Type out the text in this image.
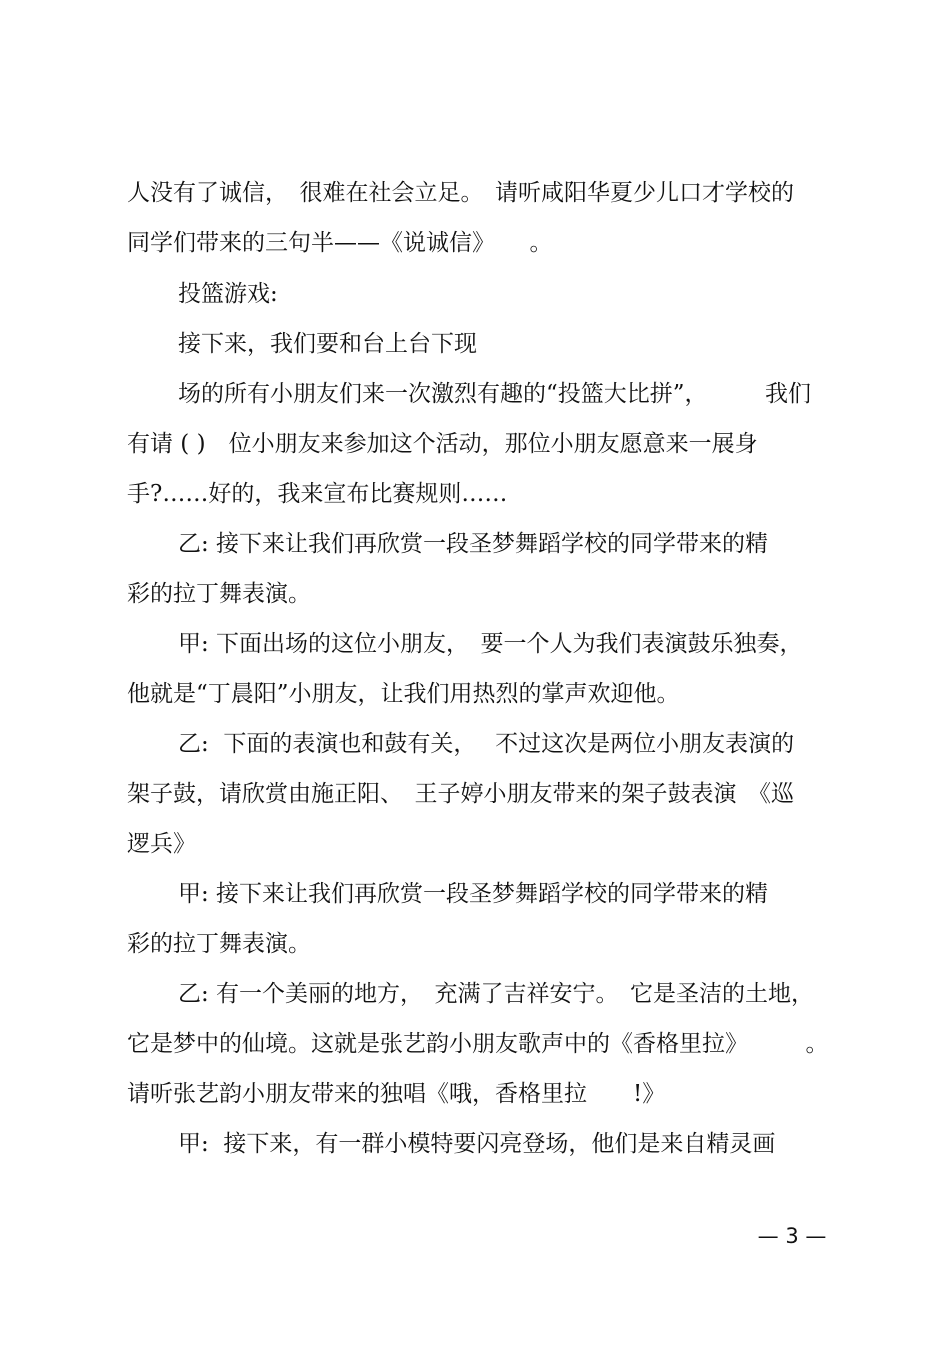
人没有了诚信，　很难在社会立足。　请听咸阳华夏少儿口才学校的
同学们带来的三句半——《说诚信》　　。
投篮游戏:
接下来，我们要和台上台下现
场的所有小朋友们来一次激烈有趣的“投篮大比拼”，　　　我们
有请 ( )　位小朋友来参加这个活动，那位小朋友愿意来一展身
手?……好的，我来宣布比赛规则……
乙: 接下来让我们再欣赏一段圣梦舞蹈学校的同学带来的精
彩的拉丁舞表演。
甲: 下面出场的这位小朋友，　要一个人为我们表演鼓乐独奏，
他就是“丁晨阳”小朋友，让我们用热烈的掌声欢迎他。
乙:  下面的表演也和鼓有关，　 不过这次是两位小朋友表演的
架子鼓，请欣赏由施正阳、　王子婷小朋友带来的架子鼓表演　《巡
逻兵》
甲: 接下来让我们再欣赏一段圣梦舞蹈学校的同学带来的精
彩的拉丁舞表演。
乙: 有一个美丽的地方，　充满了吉祥安宁。　它是圣洁的土地，
它是梦中的仙境。这就是张艺韵小朋友歌声中的《香格里拉》　　　。
请听张艺韵小朋友带来的独唱《哦，香格里拉　　!》
甲:  接下来，有一群小模特要闪亮登场，他们是来自精灵画
— 3 —
